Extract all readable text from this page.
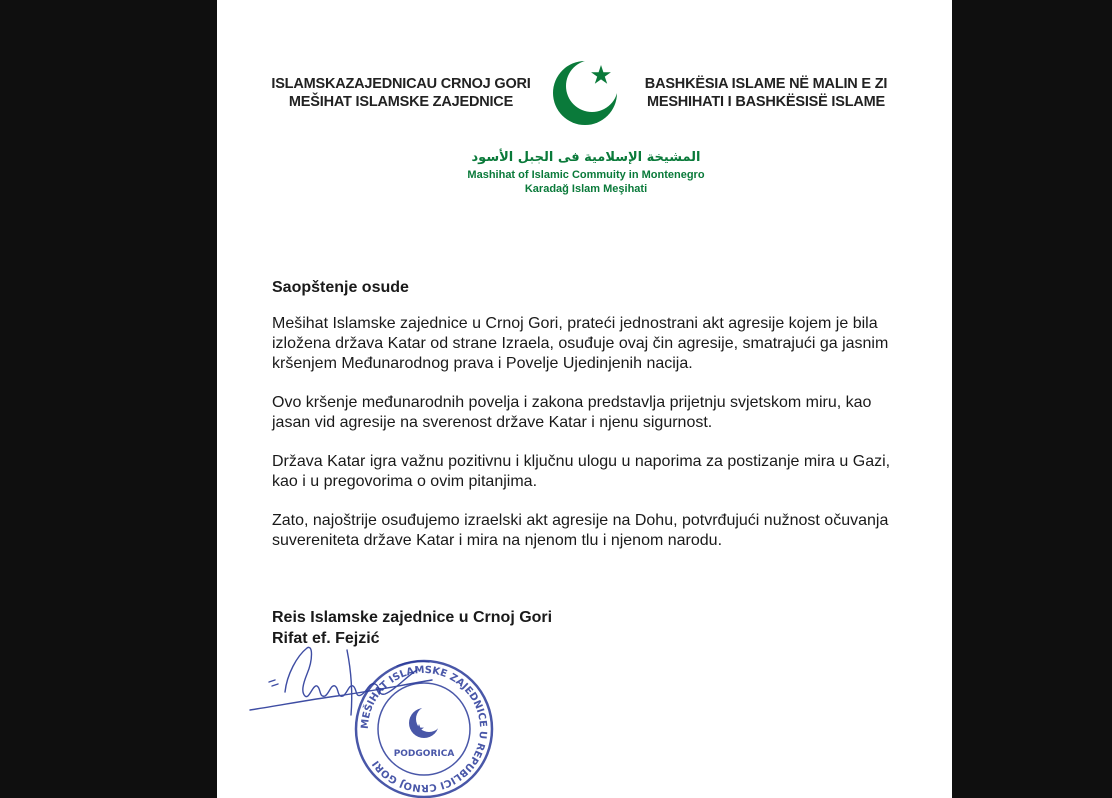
ISLAMSKAZAJEDNICAU CRNOJ GORI
MEŠIHAT ISLAMSKE ZAJEDNICE
BASHKËSIA ISLAME NË MALIN E ZI
MESHIHATI I BASHKËSISË ISLAME
المشيخة الإسلامية فى الجبل الأسود
Mashihat of Islamic Commuity in Montenegro
Karadağ Islam Meşihati
Saopštenje osude

Mešihat Islamske zajednice u Crnoj Gori, prateći jednostrani akt agresije kojem je bila izložena država Katar od strane Izraela, osuđuje ovaj čin agresije, smatrajući ga jasnim kršenjem Međunarodnog prava i Povelje Ujedinjenih nacija.

Ovo kršenje međunarodnih povelja i zakona predstavlja prijetnju svjetskom miru, kao jasan vid agresije na sverenost države Katar i njenu sigurnost.

Država Katar igra važnu pozitivnu i ključnu ulogu u naporima za postizanje mira u Gazi, kao i u pregovorima o ovim pitanjima.

Zato, najoštrije osuđujemo izraelski akt agresije na Dohu, potvrđujući nužnost očuvanja suvereniteta države Katar i mira na njenom tlu i njenom narodu.

Reis Islamske zajednice u Crnoj Gori
Rifat ef. Fejzić
MEŠIHAT ISLAMSKE ZAJEDNICE U REPUBLICI CRNOJ GORI
PODGORICA
